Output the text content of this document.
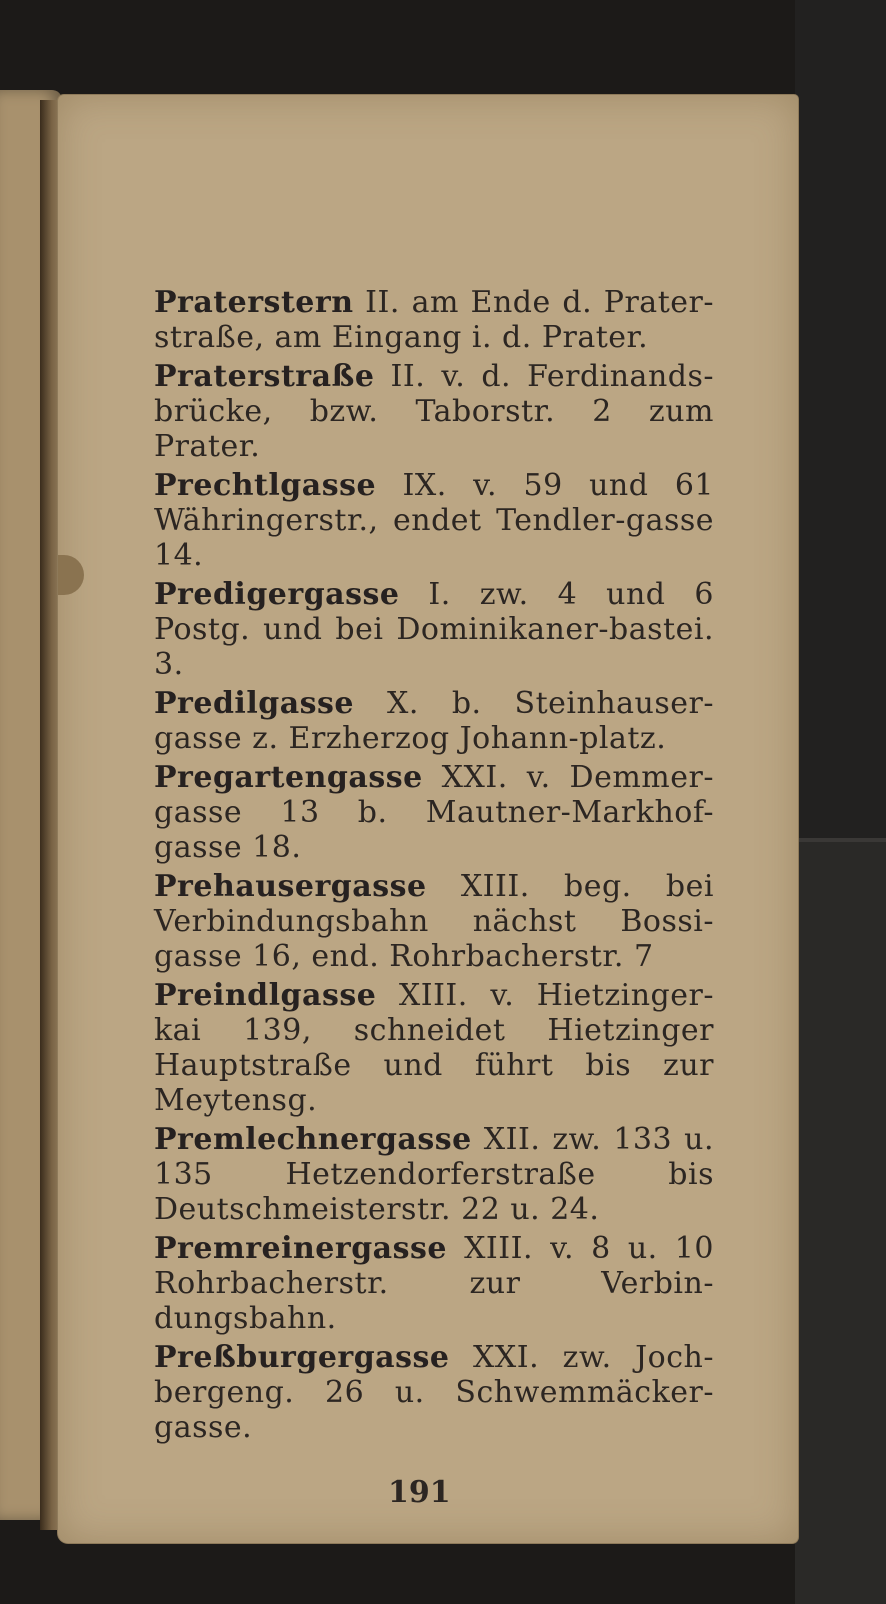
Praterstern II. am Ende d. Prater-straße, am Eingang i. d. Prater.

Praterstraße II. v. d. Ferdinands-brücke, bzw. Taborstr. 2 zum Prater.

Prechtlgasse IX. v. 59 und 61 Währingerstr., endet Tendler-gasse 14.

Predigergasse I. zw. 4 und 6 Postg. und bei Dominikaner-bastei. 3.

Predilgasse X. b. Steinhauser-gasse z. Erzherzog Johann-platz.

Pregartengasse XXI. v. Demmer-gasse 13 b. Mautner-Markhof-gasse 18.

Prehausergasse XIII. beg. bei Verbindungsbahn nächst Bossi-gasse 16, end. Rohrbacherstr. 7

Preindlgasse XIII. v. Hietzinger-kai 139, schneidet Hietzinger Hauptstraße und führt bis zur Meytensg.

Premlechnergasse XII. zw. 133 u. 135 Hetzendorferstraße bis Deutschmeisterstr. 22 u. 24.

Premreinergasse XIII. v. 8 u. 10 Rohrbacherstr. zur Verbin-dungsbahn.

Preßburgergasse XXI. zw. Joch-bergeng. 26 u. Schwemmäcker-gasse.

191
